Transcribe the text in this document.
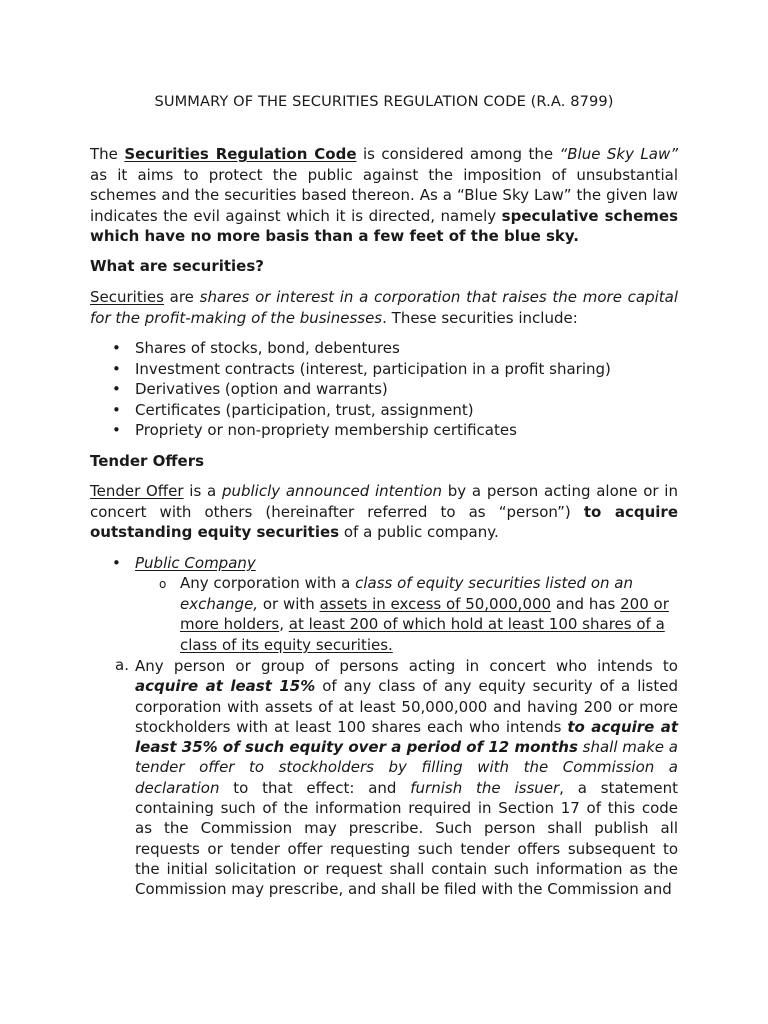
SUMMARY OF THE SECURITIES REGULATION CODE (R.A. 8799)
The Securities Regulation Code is considered among the “Blue Sky Law” as it aims to protect the public against the imposition of unsubstantial schemes and the securities based thereon. As a “Blue Sky Law” the given law indicates the evil against which it is directed, namely speculative schemes which have no more basis than a few feet of the blue sky.
What are securities?
Securities are shares or interest in a corporation that raises the more capital for the profit-making of the businesses. These securities include:
• Shares of stocks, bond, debentures
• Investment contracts (interest, participation in a profit sharing)
• Derivatives (option and warrants)
• Certificates (participation, trust, assignment)
• Propriety or non-propriety membership certificates
Tender Offers
Tender Offer is a publicly announced intention by a person acting alone or in concert with others (hereinafter referred to as “person”) to acquire outstanding equity securities of a public company.
• Public Company
o Any corporation with a class of equity securities listed on an exchange, or with assets in excess of 50,000,000 and has 200 or more holders, at least 200 of which hold at least 100 shares of a class of its equity securities.
a. Any person or group of persons acting in concert who intends to acquire at least 15% of any class of any equity security of a listed corporation with assets of at least 50,000,000 and having 200 or more stockholders with at least 100 shares each who intends to acquire at least 35% of such equity over a period of 12 months shall make a tender offer to stockholders by filling with the Commission a declaration to that effect: and furnish the issuer, a statement containing such of the information required in Section 17 of this code as the Commission may prescribe. Such person shall publish all requests or tender offer requesting such tender offers subsequent to the initial solicitation or request shall contain such information as the Commission may prescribe, and shall be filed with the Commission and
